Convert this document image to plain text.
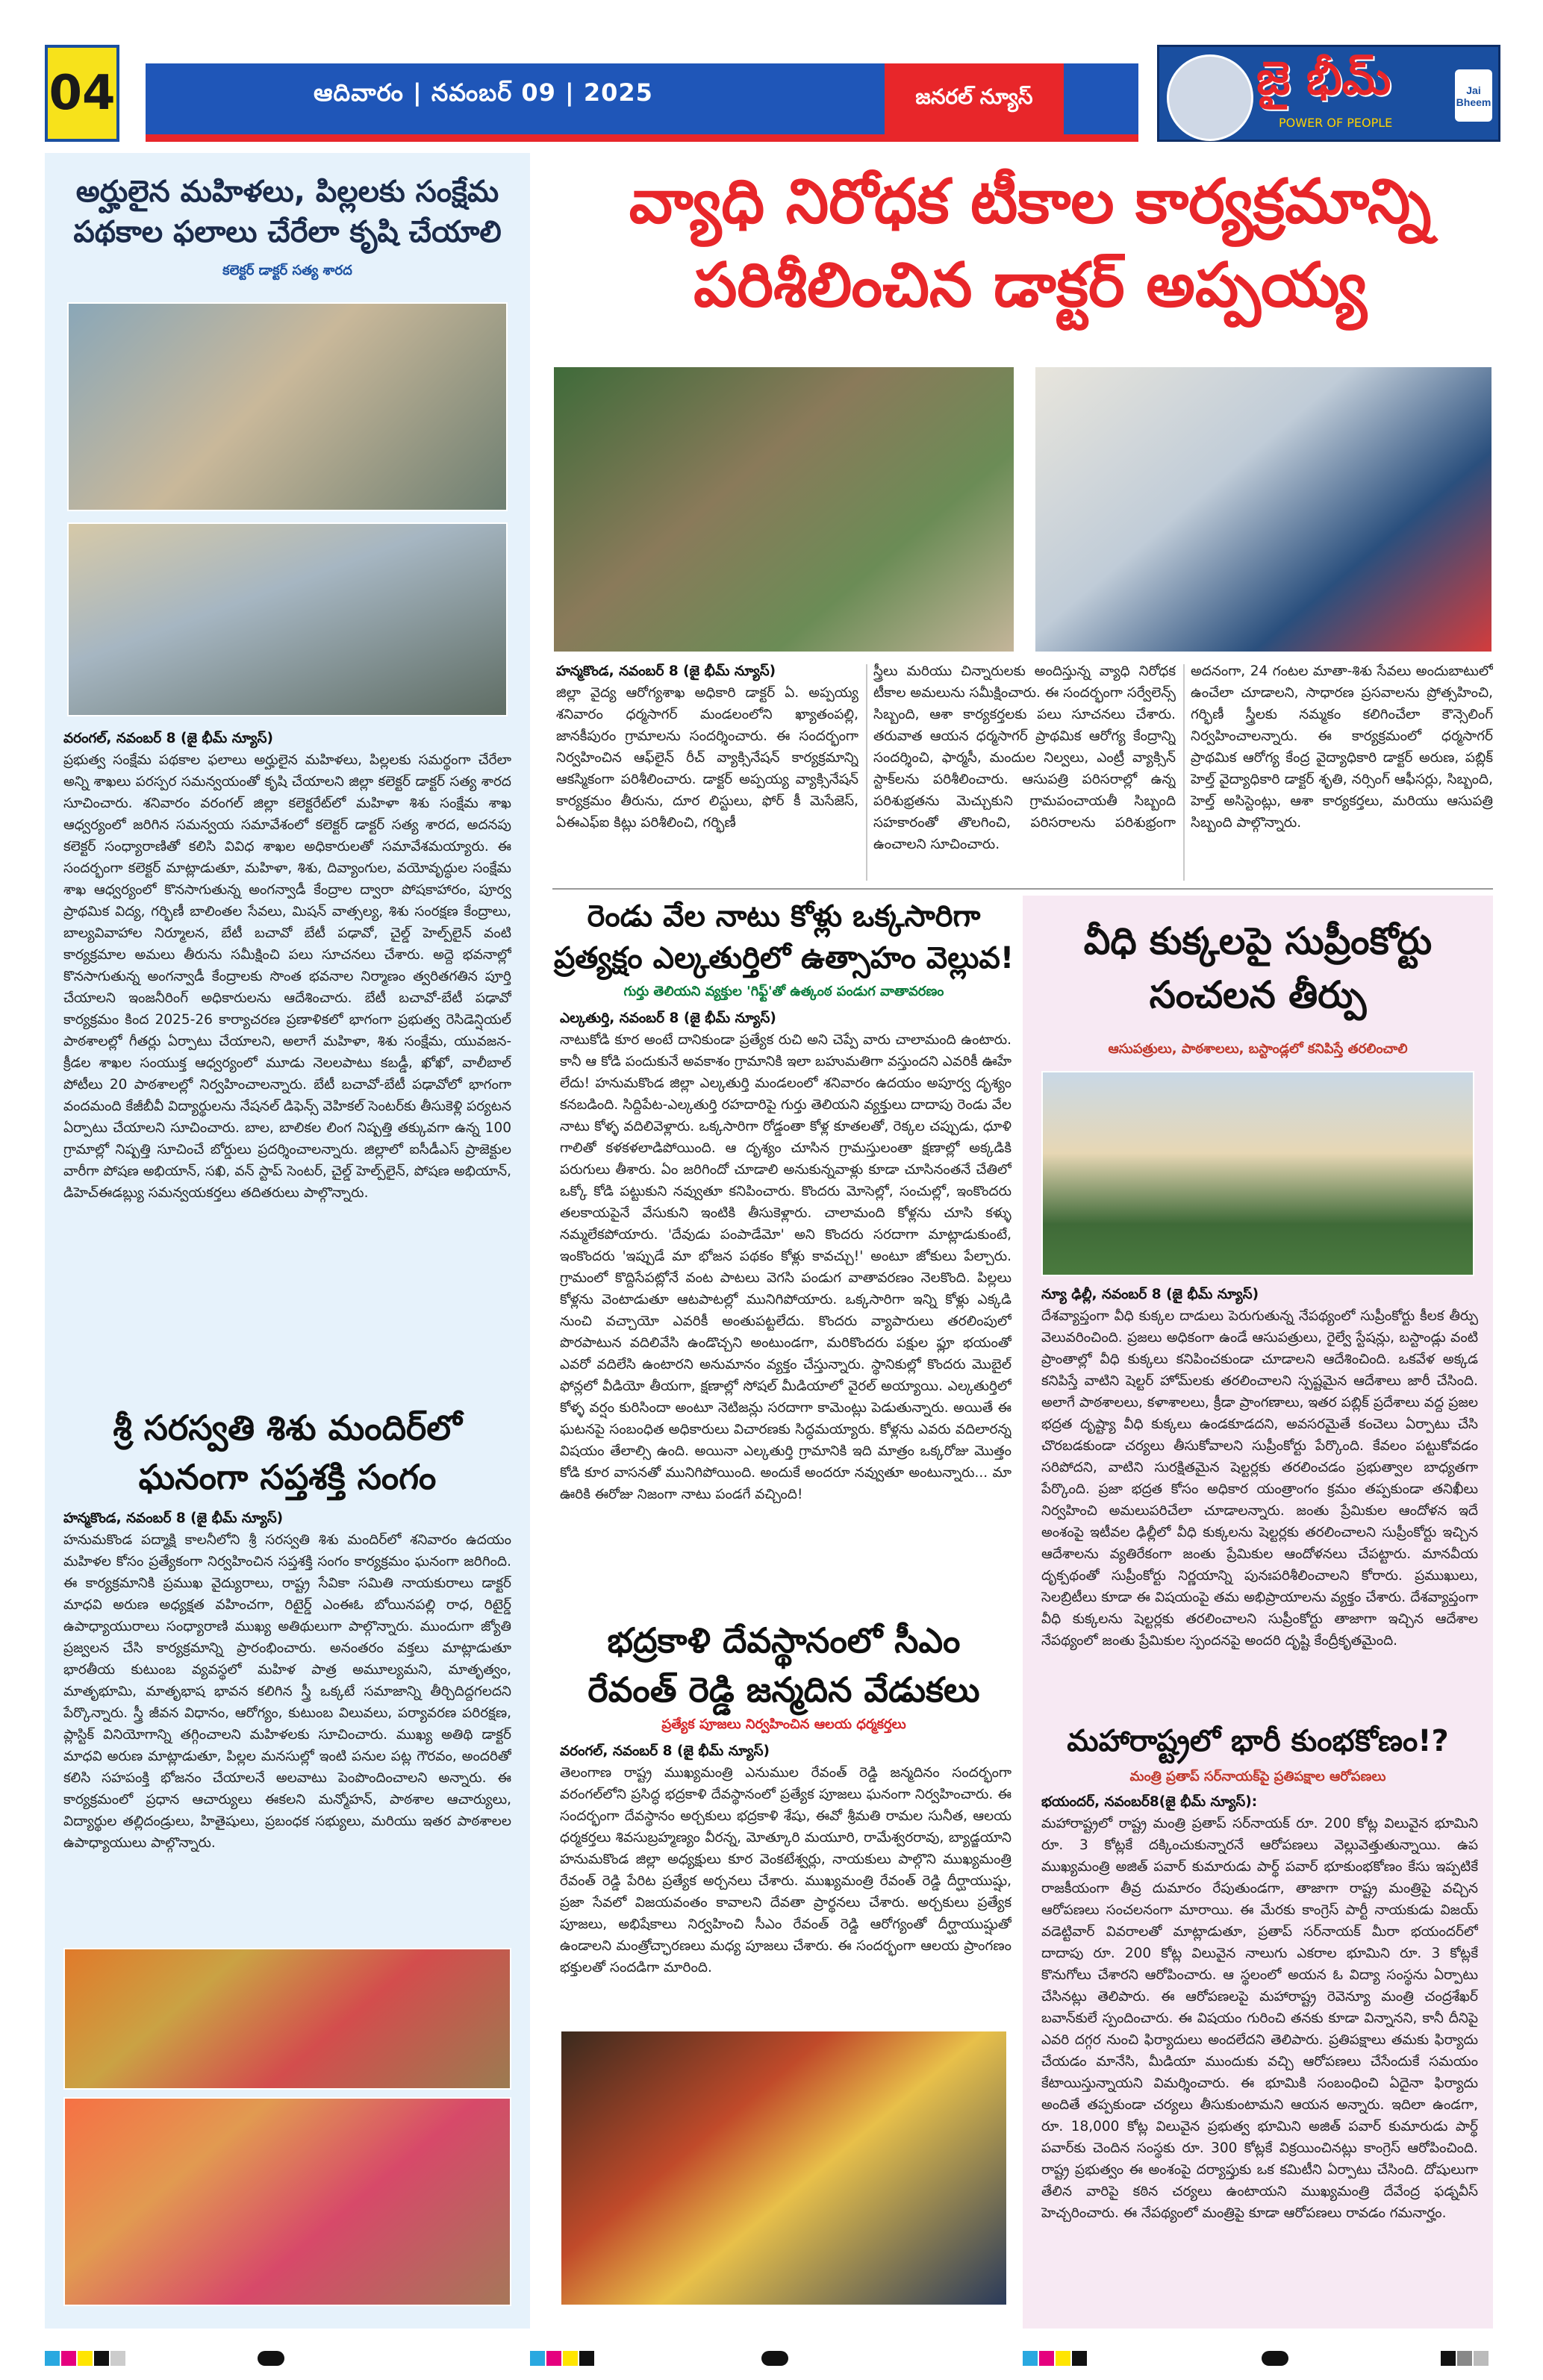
04	ఆదివారం | నవంబర్ 09 | 2025	జనరల్ న్యూస్	జై భీమ్
POWER OF PEOPLE
Jai Bheem
అర్హులైన మహిళలు, పిల్లలకు సంక్షేమ
పథకాల ఫలాలు చేరేలా కృషి చేయాలి
కలెక్టర్ డాక్టర్ సత్య శారద
వరంగల్, నవంబర్ 8 (జై భీమ్ న్యూస్)
ప్రభుత్వ సంక్షేమ పథకాల ఫలాలు అర్హులైన మహిళలు, పిల్లలకు సమర్థంగా చేరేలా అన్ని శాఖలు పరస్పర సమన్వయంతో కృషి చేయాలని జిల్లా కలెక్టర్ డాక్టర్ సత్య శారద సూచించారు. శనివారం వరంగల్ జిల్లా కలెక్టరేట్‌లో మహిళా శిశు సంక్షేమ శాఖ ఆధ్వర్యంలో జరిగిన సమన్వయ సమావేశంలో కలెక్టర్ డాక్టర్ సత్య శారద, అదనపు కలెక్టర్ సంధ్యారాణితో కలిసి వివిధ శాఖల అధికారులతో సమావేశమయ్యారు. ఈ సందర్భంగా కలెక్టర్ మాట్లాడుతూ, మహిళా, శిశు, దివ్యాంగుల, వయోవృద్ధుల సంక్షేమ శాఖ ఆధ్వర్యంలో కొనసాగుతున్న అంగన్వాడీ కేంద్రాల ద్వారా పోషకాహారం, పూర్వ ప్రాథమిక విద్య, గర్భిణీ బాలింతల సేవలు, మిషన్ వాత్సల్య, శిశు సంరక్షణ కేంద్రాలు, బాల్యవివాహాల నిర్మూలన, బేటీ బచావో బేటీ పఢావో, చైల్డ్ హెల్ప్‌లైన్ వంటి కార్యక్రమాల అమలు తీరును సమీక్షించి పలు సూచనలు చేశారు. అద్దె భవనాల్లో కొనసాగుతున్న అంగన్వాడీ కేంద్రాలకు సొంత భవనాల నిర్మాణం త్వరితగతిన పూర్తి చేయాలని ఇంజనీరింగ్ అధికారులను ఆదేశించారు. బేటీ బచావో-బేటీ పఢావో కార్యక్రమం కింద 2025-26 కార్యాచరణ ప్రణాళికలో భాగంగా ప్రభుత్వ రెసిడెన్షియల్ పాఠశాలల్లో గీతర్లు ఏర్పాటు చేయాలని, అలాగే మహిళా, శిశు సంక్షేమ, యువజన-క్రీడల శాఖల సంయుక్త ఆధ్వర్యంలో మూడు నెలలపాటు కబడ్డీ, ఖోఖో, వాలీబాల్ పోటీలు 20 పాఠశాలల్లో నిర్వహించాలన్నారు. బేటీ బచావో-బేటీ పఢావోలో భాగంగా వందమంది కేజీబీవీ విద్యార్థులను నేషనల్ డిఫెన్స్ వెహికల్ సెంటర్‌కు తీసుకెళ్లి పర్యటన ఏర్పాటు చేయాలని సూచించారు. బాల, బాలికల లింగ నిష్పత్తి తక్కువగా ఉన్న 100 గ్రామాల్లో నిష్పత్తి సూచించే బోర్డులు ప్రదర్శించాలన్నారు. జిల్లాలో ఐసీడీఎస్ ప్రాజెక్టుల వారీగా పోషణ అభియాన్, సఖి, వన్ స్టాప్ సెంటర్, చైల్డ్ హెల్ప్‌లైన్, పోషణ అభియాన్, డిహెచ్‌ఈడబ్ల్యు సమన్వయకర్తలు తదితరులు పాల్గొన్నారు.
శ్రీ సరస్వతి శిశు మందిర్‌లో
ఘనంగా సప్తశక్తి సంగం
హన్మకొండ, నవంబర్ 8 (జై భీమ్ న్యూస్)
హనుమకొండ పద్మాక్షి కాలనీలోని శ్రీ సరస్వతి శిశు మందిర్‌లో శనివారం ఉదయం మహిళల కోసం ప్రత్యేకంగా నిర్వహించిన సప్తశక్తి సంగం కార్యక్రమం ఘనంగా జరిగింది. ఈ కార్యక్రమానికి ప్రముఖ వైద్యురాలు, రాష్ట్ర సేవికా సమితి నాయకురాలు డాక్టర్ మాధవి అరుణ అధ్యక్షత వహించగా, రిటైర్డ్ ఎంఈఓ బోయినపల్లి రాధ, రిటైర్డ్ ఉపాధ్యాయురాలు సంధ్యారాణి ముఖ్య అతిథులుగా పాల్గొన్నారు. ముందుగా జ్యోతి ప్రజ్వలన చేసి కార్యక్రమాన్ని ప్రారంభించారు. అనంతరం వక్తలు మాట్లాడుతూ భారతీయ కుటుంబ వ్యవస్థలో మహిళ పాత్ర అమూల్యమని, మాతృత్వం, మాతృభూమి, మాతృభాష భావన కలిగిన స్త్రీ ఒక్కటే సమాజాన్ని తీర్చిదిద్దగలదని పేర్కొన్నారు. స్త్రీ జీవన విధానం, ఆరోగ్యం, కుటుంబ విలువలు, పర్యావరణ పరిరక్షణ, ప్లాస్టిక్ వినియోగాన్ని తగ్గించాలని మహిళలకు సూచించారు. ముఖ్య అతిథి డాక్టర్ మాధవి అరుణ మాట్లాడుతూ, పిల్లల మనసుల్లో ఇంటి పనుల పట్ల గౌరవం, అందరితో కలిసి సహపంక్తి భోజనం చేయాలనే అలవాటు పెంపొందించాలని అన్నారు. ఈ కార్యక్రమంలో ప్రధాన ఆచార్యులు ఈకలని మన్మోహన్, పాఠశాల ఆచార్యులు, విద్యార్థుల తల్లిదండ్రులు, హితైషులు, ప్రబంధక సభ్యులు, మరియు ఇతర పాఠశాలల ఉపాధ్యాయులు పాల్గొన్నారు.
వ్యాధి నిరోధక టీకాల కార్యక్రమాన్ని
పరిశీలించిన డాక్టర్ అప్పయ్య
హన్మకొండ, నవంబర్ 8 (జై భీమ్ న్యూస్)
జిల్లా వైద్య ఆరోగ్యశాఖ అధికారి డాక్టర్ ఏ. అప్పయ్య శనివారం ధర్మసాగర్ మండలంలోని ఖ్యాతంపల్లి, జానకీపురం గ్రామాలను సందర్శించారు. ఈ సందర్భంగా నిర్వహించిన ఆఫ్‌లైన్ రీచ్ వ్యాక్సినేషన్ కార్యక్రమాన్ని ఆకస్మికంగా పరిశీలించారు. డాక్టర్ అప్పయ్య వ్యాక్సినేషన్ కార్యక్రమం తీరును, దూర లిస్టులు, ఫోర్ కీ మెసేజెస్, ఏఈఎఫ్ఐ కిట్లు పరిశీలించి, గర్భిణీ
స్త్రీలు మరియు చిన్నారులకు అందిస్తున్న వ్యాధి నిరోధక టీకాల అమలును సమీక్షించారు. ఈ సందర్భంగా సర్వేలెన్స్ సిబ్బంది, ఆశా కార్యకర్తలకు పలు సూచనలు చేశారు. తరువాత ఆయన ధర్మసాగర్ ప్రాథమిక ఆరోగ్య కేంద్రాన్ని సందర్శించి, ఫార్మసీ, మందుల నిల్వలు, ఎంట్రీ వ్యాక్సిన్ స్టాక్‌లను పరిశీలించారు. ఆసుపత్రి పరిసరాల్లో ఉన్న పరిశుభ్రతను మెచ్చుకుని గ్రామపంచాయతీ సిబ్బంది సహకారంతో తొలగించి, పరిసరాలను పరిశుభ్రంగా ఉంచాలని సూచించారు.
అదనంగా, 24 గంటల మాతా-శిశు సేవలు అందుబాటులో ఉంచేలా చూడాలని, సాధారణ ప్రసవాలను ప్రోత్సహించి, గర్భిణీ స్త్రీలకు నమ్మకం కలిగించేలా కౌన్సెలింగ్ నిర్వహించాలన్నారు. ఈ కార్యక్రమంలో ధర్మసాగర్ ప్రాథమిక ఆరోగ్య కేంద్ర వైద్యాధికారి డాక్టర్ అరుణ, పబ్లిక్ హెల్త్ వైద్యాధికారి డాక్టర్ శృతి, నర్సింగ్ ఆఫీసర్లు, సిబ్బంది, హెల్త్ అసిస్టెంట్లు, ఆశా కార్యకర్తలు, మరియు ఆసుపత్రి సిబ్బంది పాల్గొన్నారు.
రెండు వేల నాటు కోళ్లు ఒక్కసారిగా
ప్రత్యక్షం ఎల్కతుర్తిలో ఉత్సాహం వెల్లువ!
గుర్తు తెలియని వ్యక్తుల 'గిఫ్ట్'తో ఉత్కంఠ పండుగ వాతావరణం
ఎల్కతుర్తి, నవంబర్ 8 (జై భీమ్ న్యూస్)
నాటుకోడి కూర అంటే దానికుండా ప్రత్యేక రుచి అని చెప్పే వారు చాలామంది ఉంటారు. కానీ ఆ కోడి పందుకునే అవకాశం గ్రామానికి ఇలా బహుమతిగా వస్తుందని ఎవరికీ ఊహే లేదు! హనుమకొండ జిల్లా ఎల్కతుర్తి మండలంలో శనివారం ఉదయం అపూర్వ దృశ్యం కనబడింది. సిద్దిపేట-ఎల్కతుర్తి రహదారిపై గుర్తు తెలియని వ్యక్తులు దాదాపు రెండు వేల నాటు కోళ్ళ వదిలివెళ్లారు. ఒక్కసారిగా రోడ్డంతా కోళ్ల కూతలతో, రెక్కల చప్పుడు, ధూళి గాలితో కళకళలాడిపోయింది. ఆ దృశ్యం చూసిన గ్రామస్తులంతా క్షణాల్లో అక్కడికి పరుగులు తీశారు. ఏం జరిగిందో చూడాలి అనుకున్నవాళ్లు కూడా చూసినంతనే చేతిలో ఒక్కో కోడి పట్టుకుని నవ్వుతూ కనిపించారు. కొందరు మోసెల్లో, సంచుల్లో, ఇంకొందరు తలకాయపైనే వేసుకుని ఇంటికి తీసుకెళ్లారు. చాలామంది కోళ్లను చూసి కళ్ళు నమ్మలేకపోయారు. 'దేవుడు పంపాడేమో' అని కొందరు సరదాగా మాట్లాడుకుంటే, ఇంకొందరు 'ఇప్పుడే మా భోజన పథకం కోళ్లు కావచ్చు!' అంటూ జోకులు పేల్చారు. గ్రామంలో కొద్దిసేపట్లోనే వంట పాటలు వెగసి పండుగ వాతావరణం నెలకొంది. పిల్లలు కోళ్లను వెంటాడుతూ ఆటపాటల్లో మునిగిపోయారు. ఒక్కసారిగా ఇన్ని కోళ్లు ఎక్కడి నుంచి వచ్చాయో ఎవరికీ అంతుపట్టలేదు. కొందరు వ్యాపారులు తరలింపులో పొరపాటున వదిలివేసి ఉండొచ్చని అంటుండగా, మరికొందరు పక్షుల ఫ్లూ భయంతో ఎవరో వదిలేసి ఉంటారని అనుమానం వ్యక్తం చేస్తున్నారు. స్థానికుల్లో కొందరు మొబైల్ ఫోన్లలో వీడియో తీయగా, క్షణాల్లో సోషల్ మీడియాలో వైరల్ అయ్యాయి. ఎల్కతుర్తిలో కోళ్ళ వర్షం కురిసిందా అంటూ నెటిజన్లు సరదాగా కామెంట్లు పెడుతున్నారు. అయితే ఈ ఘటనపై సంబంధిత అధికారులు విచారణకు సిద్ధమయ్యారు. కోళ్లను ఎవరు వదిలారన్న విషయం తేలాల్సి ఉంది. అయినా ఎల్కతుర్తి గ్రామానికి ఇది మాత్రం ఒక్కరోజు మొత్తం కోడి కూర వాసనతో మునిగిపోయింది. అందుకే అందరూ నవ్వుతూ అంటున్నారు... మా ఊరికి ఈరోజు నిజంగా నాటు పండగే వచ్చింది!
భద్రకాళి దేవస్థానంలో సీఎం
రేవంత్ రెడ్డి జన్మదిన వేడుకలు
ప్రత్యేక పూజలు నిర్వహించిన ఆలయ ధర్మకర్తలు
వరంగల్, నవంబర్ 8 (జై భీమ్ న్యూస్)
తెలంగాణ రాష్ట్ర ముఖ్యమంత్రి ఎనుముల రేవంత్ రెడ్డి జన్మదినం సందర్భంగా వరంగల్‌లోని ప్రసిద్ధ భద్రకాళి దేవస్థానంలో ప్రత్యేక పూజలు ఘనంగా నిర్వహించారు. ఈ సందర్భంగా దేవస్థానం అర్చకులు భద్రకాళి శేషు, ఈవో శ్రీమతి రామల సునీత, ఆలయ ధర్మకర్తలు శివసుబ్రహ్మణ్యం వీరన్న, మోత్కూరి మయూరి, రామేశ్వరరావు, బ్యాడ్జయాని హనుమకొండ జిల్లా అధ్యక్షులు కూర వెంకటేశ్వర్లు, నాయకులు పాల్గొని ముఖ్యమంత్రి రేవంత్ రెడ్డి పేరిట ప్రత్యేక అర్చనలు చేశారు. ముఖ్యమంత్రి రేవంత్ రెడ్డి దీర్ఘాయుష్షు, ప్రజా సేవలో విజయవంతం కావాలని దేవతా ప్రార్థనలు చేశారు. అర్చకులు ప్రత్యేక పూజలు, అభిషేకాలు నిర్వహించి సీఎం రేవంత్ రెడ్డి ఆరోగ్యంతో దీర్ఘాయుష్షుతో ఉండాలని మంత్రోచ్ఛారణలు మధ్య పూజలు చేశారు. ఈ సందర్భంగా ఆలయ ప్రాంగణం భక్తులతో సందడిగా మారింది.
వీధి కుక్కలపై సుప్రీంకోర్టు
సంచలన తీర్పు
ఆసుపత్రులు, పాఠశాలలు, బస్టాండ్లలో కనిపిస్తే తరలించాలి
న్యూ ఢిల్లీ, నవంబర్ 8 (జై భీమ్ న్యూస్)
దేశవ్యాప్తంగా వీధి కుక్కల దాడులు పెరుగుతున్న నేపథ్యంలో సుప్రీంకోర్టు కీలక తీర్పు వెలువరించింది. ప్రజలు అధికంగా ఉండే ఆసుపత్రులు, రైల్వే స్టేషన్లు, బస్టాండ్లు వంటి ప్రాంతాల్లో వీధి కుక్కలు కనిపించకుండా చూడాలని ఆదేశించింది. ఒకవేళ అక్కడ కనిపిస్తే వాటిని షెల్టర్ హోమ్‌లకు తరలించాలని స్పష్టమైన ఆదేశాలు జారీ చేసింది. అలాగే పాఠశాలలు, కళాశాలలు, క్రీడా ప్రాంగణాలు, ఇతర పబ్లిక్ ప్రదేశాలు వద్ద ప్రజల భద్రత దృష్ట్యా వీధి కుక్కలు ఉండకూడదని, అవసరమైతే కంచెలు ఏర్పాటు చేసి చొరబడకుండా చర్యలు తీసుకోవాలని సుప్రీంకోర్టు పేర్కొంది. కేవలం పట్టుకోవడం సరిపోదని, వాటిని సురక్షితమైన షెల్టర్లకు తరలించడం ప్రభుత్వాల బాధ్యతగా పేర్కొంది. ప్రజా భద్రత కోసం అధికార యంత్రాంగం క్రమం తప్పకుండా తనిఖీలు నిర్వహించి అమలుపరిచేలా చూడాలన్నారు. జంతు ప్రేమికుల ఆందోళన ఇదే అంశంపై ఇటీవల ఢిల్లీలో వీధి కుక్కలను షెల్టర్లకు తరలించాలని సుప్రీంకోర్టు ఇచ్చిన ఆదేశాలను వ్యతిరేకంగా జంతు ప్రేమికుల ఆందోళనలు చేపట్టారు. మానవీయ దృక్పథంతో సుప్రీంకోర్టు నిర్ణయాన్ని పునఃపరిశీలించాలని కోరారు. ప్రముఖులు, సెలబ్రిటీలు కూడా ఈ విషయంపై తమ అభిప్రాయాలను వ్యక్తం చేశారు. దేశవ్యాప్తంగా వీధి కుక్కలను షెల్టర్లకు తరలించాలని సుప్రీంకోర్టు తాజాగా ఇచ్చిన ఆదేశాల నేపథ్యంలో జంతు ప్రేమికుల స్పందనపై అందరి దృష్టి కేంద్రీకృతమైంది.
మహారాష్ట్రలో భారీ కుంభకోణం!?
మంత్రి ప్రతాప్ సర్‌నాయక్‌పై ప్రతిపక్షాల ఆరోపణలు
భయందర్, నవంబర్8(జై భీమ్ న్యూస్):
మహారాష్ట్రలో రాష్ట్ర మంత్రి ప్రతాప్ సర్‌నాయక్ రూ. 200 కోట్ల విలువైన భూమిని రూ. 3 కోట్లకే దక్కించుకున్నారనే ఆరోపణలు వెల్లువెత్తుతున్నాయి. ఉప ముఖ్యమంత్రి అజిత్ పవార్ కుమారుడు పార్థ్ పవార్ భూకుంభకోణం కేసు ఇప్పటికే రాజకీయంగా తీవ్ర దుమారం రేపుతుండగా, తాజాగా రాష్ట్ర మంత్రిపై వచ్చిన ఆరోపణలు సంచలనంగా మారాయి. ఈ మేరకు కాంగ్రెస్ పార్టీ నాయకుడు విజయ్ వడెట్టివార్ వివరాలతో మాట్లాడుతూ, ప్రతాప్ సర్‌నాయక్ మీరా భయందర్‌లో దాదాపు రూ. 200 కోట్ల విలువైన నాలుగు ఎకరాల భూమిని రూ. 3 కోట్లకే కొనుగోలు చేశారని ఆరోపించారు. ఆ స్థలంలో అయన ఓ విద్యా సంస్థను ఏర్పాటు చేసినట్లు తెలిపారు. ఈ ఆరోపణలపై మహారాష్ట్ర రెవెన్యూ మంత్రి చంద్రశేఖర్ బవాన్‌కులే స్పందించారు. ఈ విషయం గురించి తనకు కూడా విన్నానని, కానీ దీనిపై ఎవరి దగ్గర నుంచి ఫిర్యాదులు అందలేదని తెలిపారు. ప్రతిపక్షాలు తమకు ఫిర్యాదు చేయడం మానేసి, మీడియా ముందుకు వచ్చి ఆరోపణలు చేసేందుకే సమయం కేటాయిస్తున్నాయని విమర్శించారు. ఈ భూమికి సంబంధించి ఏదైనా ఫిర్యాదు అందితే తప్పకుండా చర్యలు తీసుకుంటామని ఆయన అన్నారు. ఇదిలా ఉండగా, రూ. 18,000 కోట్ల విలువైన ప్రభుత్వ భూమిని అజిత్ పవార్ కుమారుడు పార్థ్ పవార్‌కు చెందిన సంస్థకు రూ. 300 కోట్లకే విక్రయించినట్లు కాంగ్రెస్ ఆరోపించింది. రాష్ట్ర ప్రభుత్వం ఈ అంశంపై దర్యాప్తుకు ఒక కమిటీని ఏర్పాటు చేసింది. దోషులుగా తేలిన వారిపై కఠిన చర్యలు ఉంటాయని ముఖ్యమంత్రి దేవేంద్ర ఫడ్నవీస్ హెచ్చరించారు. ఈ నేపథ్యంలో మంత్రిపై కూడా ఆరోపణలు రావడం గమనార్హం.
